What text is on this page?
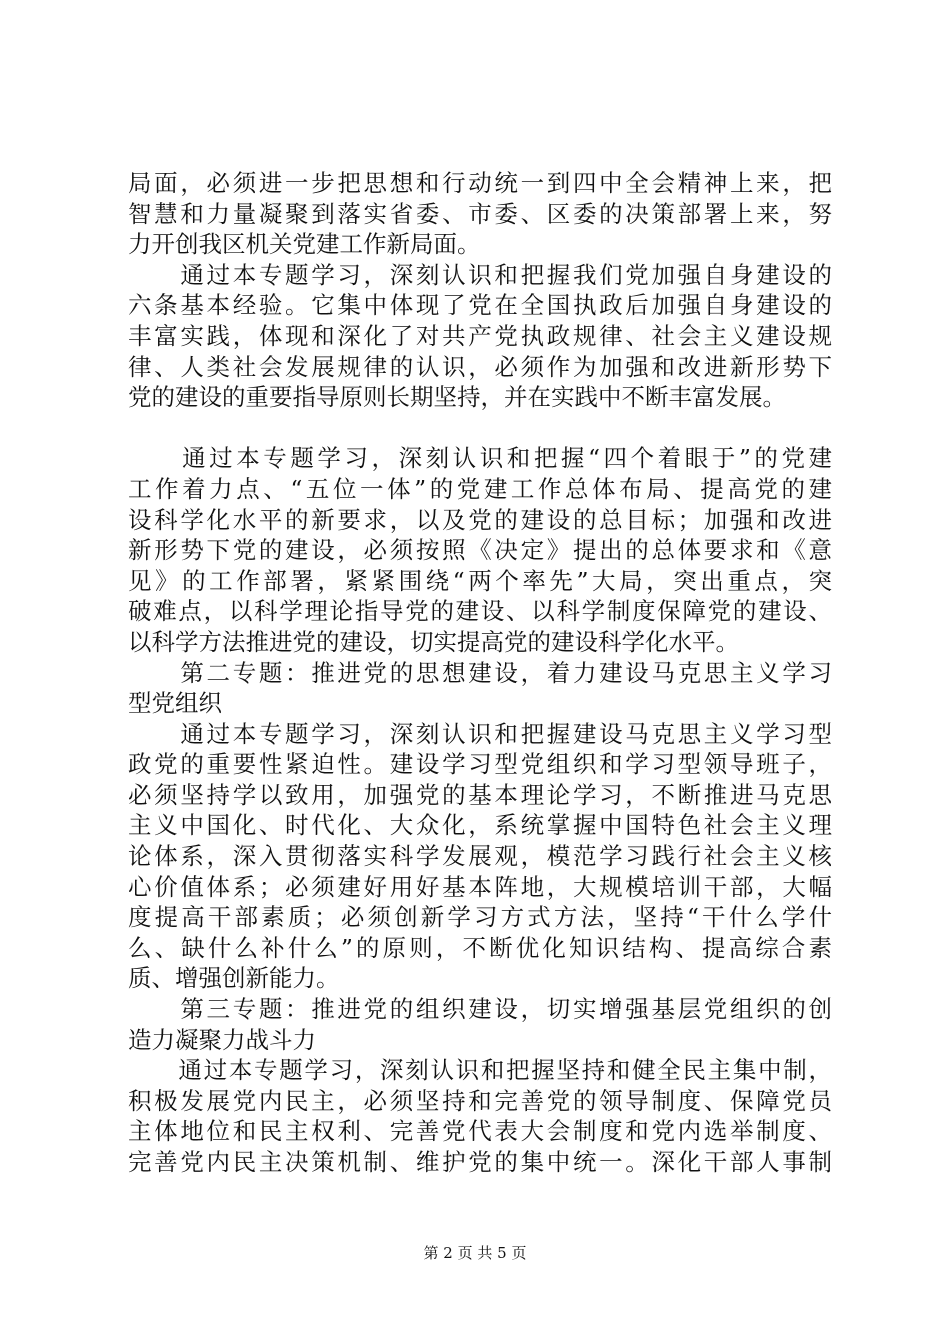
局面，必须进一步把思想和行动统一到四中全会精神上来，把
智慧和力量凝聚到落实省委、市委、区委的决策部署上来，努
力开创我区机关党建工作新局面。
　　通过本专题学习，深刻认识和把握我们党加强自身建设的
六条基本经验。它集中体现了党在全国执政后加强自身建设的
丰富实践，体现和深化了对共产党执政规律、社会主义建设规
律、人类社会发展规律的认识，必须作为加强和改进新形势下
党的建设的重要指导原则长期坚持，并在实践中不断丰富发展。
　　通过本专题学习，深刻认识和把握“四个着眼于”的党建
工作着力点、“五位一体”的党建工作总体布局、提高党的建
设科学化水平的新要求，以及党的建设的总目标；加强和改进
新形势下党的建设，必须按照《决定》提出的总体要求和《意
见》的工作部署，紧紧围绕“两个率先”大局，突出重点，突
破难点，以科学理论指导党的建设、以科学制度保障党的建设、
以科学方法推进党的建设，切实提高党的建设科学化水平。
　　第二专题：推进党的思想建设，着力建设马克思主义学习
型党组织
　　通过本专题学习，深刻认识和把握建设马克思主义学习型
政党的重要性紧迫性。建设学习型党组织和学习型领导班子，
必须坚持学以致用，加强党的基本理论学习，不断推进马克思
主义中国化、时代化、大众化，系统掌握中国特色社会主义理
论体系，深入贯彻落实科学发展观，模范学习践行社会主义核
心价值体系；必须建好用好基本阵地，大规模培训干部，大幅
度提高干部素质；必须创新学习方式方法，坚持“干什么学什
么、缺什么补什么”的原则，不断优化知识结构、提高综合素
质、增强创新能力。
　　第三专题：推进党的组织建设，切实增强基层党组织的创
造力凝聚力战斗力
　　通过本专题学习，深刻认识和把握坚持和健全民主集中制，
积极发展党内民主，必须坚持和完善党的领导制度、保障党员
主体地位和民主权利、完善党代表大会制度和党内选举制度、
完善党内民主决策机制、维护党的集中统一。深化干部人事制
第 2 页 共 5 页
